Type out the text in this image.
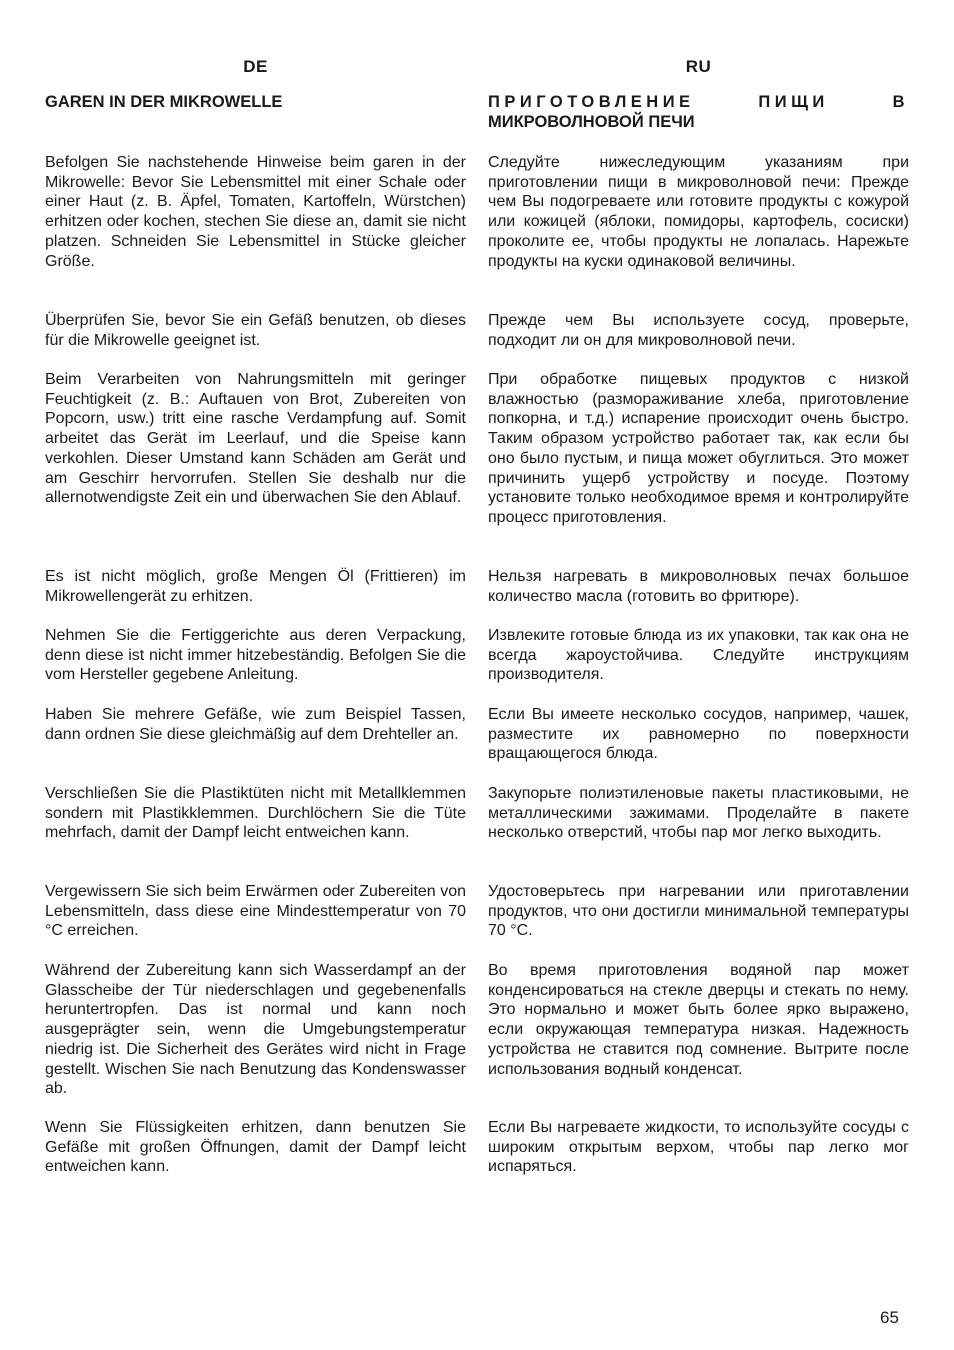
DE
GAREN IN DER MIKROWELLE

Befolgen Sie nachstehende Hinweise beim garen in der Mikrowelle: Bevor Sie Lebensmittel mit einer Schale oder einer Haut (z. B. Äpfel, Tomaten, Kartoffeln, Würstchen) erhitzen oder kochen, stechen Sie diese an, damit sie nicht platzen. Schneiden Sie Lebensmittel in Stücke gleicher Größe.

Überprüfen Sie, bevor Sie ein Gefäß benutzen, ob dieses für die Mikrowelle geeignet ist.

Beim Verarbeiten von Nahrungsmitteln mit geringer Feuchtigkeit (z. B.: Auftauen von Brot, Zubereiten von Popcorn, usw.) tritt eine rasche Verdampfung auf. Somit arbeitet das Gerät im Leerlauf, und die Speise kann verkohlen. Dieser Umstand kann Schäden am Gerät und am Geschirr hervorrufen. Stellen Sie deshalb nur die allernotwendigste Zeit ein und überwachen Sie den Ablauf.

Es ist nicht möglich, große Mengen Öl (Frittieren) im Mikrowellengerät zu erhitzen.

Nehmen Sie die Fertiggerichte aus deren Verpackung, denn diese ist nicht immer hitzebeständig. Befolgen Sie die vom Hersteller gegebene Anleitung.

Haben Sie mehrere Gefäße, wie zum Beispiel Tassen, dann ordnen Sie diese gleichmäßig auf dem Drehteller an.

Verschließen Sie die Plastiktüten nicht mit Metallklemmen sondern mit Plastikklemmen. Durchlöchern Sie die Tüte mehrfach, damit der Dampf leicht entweichen kann.

Vergewissern Sie sich beim Erwärmen oder Zubereiten von Lebensmitteln, dass diese eine Mindesttemperatur von 70 °C erreichen.

Während der Zubereitung kann sich Wasserdampf an der Glasscheibe der Tür niederschlagen und gegebenenfalls heruntertropfen. Das ist normal und kann noch ausgeprägter sein, wenn die Umgebungstemperatur niedrig ist. Die Sicherheit des Gerätes wird nicht in Frage gestellt. Wischen Sie nach Benutzung das Kondenswasser ab.

Wenn Sie Flüssigkeiten erhitzen, dann benutzen Sie Gefäße mit großen Öffnungen, damit der Dampf leicht entweichen kann.

RU
ПРИГОТОВЛЕНИЕ ПИЩИ В
МИКРОВОЛНОВОЙ ПЕЧИ

Следуйте нижеследующим указаниям при приготовлении пищи в микроволновой печи: Прежде чем Вы подогреваете или готовите продукты с кожурой или кожицей (яблоки, помидоры, картофель, сосиски) проколите ее, чтобы продукты не лопалась. Нарежьте продукты на куски одинаковой величины.

Прежде чем Вы используете сосуд, проверьте, подходит ли он для микроволновой печи.

При обработке пищевых продуктов с низкой влажностью (размораживание хлеба, приготовление попкорна, и т.д.) испарение происходит очень быстро. Таким образом устройство работает так, как если бы оно было пустым, и пища может обуглиться. Это может причинить ущерб устройству и посуде. Поэтому установите только необходимое время и контролируйте процесс приготовления.

Нельзя нагревать в микроволновых печах большое количество масла (готовить во фритюре).

Извлеките готовые блюда из их упаковки, так как она не всегда жароустойчива. Следуйте инструкциям производителя.

Если Вы имеете несколько сосудов, например, чашек, разместите их равномерно по поверхности вращающегося блюда.

Закупорьте полиэтиленовые пакеты пластиковыми, не металлическими зажимами. Проделайте в пакете несколько отверстий, чтобы пар мог легко выходить.

Удостоверьтесь при нагревании или приготавлении продуктов, что они достигли минимальной температуры 70 °С.

Во время приготовления водяной пар может конденсироваться на стекле дверцы и стекать по нему. Это нормально и может быть более ярко выражено, если окружающая температура низкая. Надежность устройства не ставится под сомнение. Вытрите после использования водный конденсат.

Если Вы нагреваете жидкости, то используйте сосуды с широким открытым верхом, чтобы пар легко мог испаряться.

65
